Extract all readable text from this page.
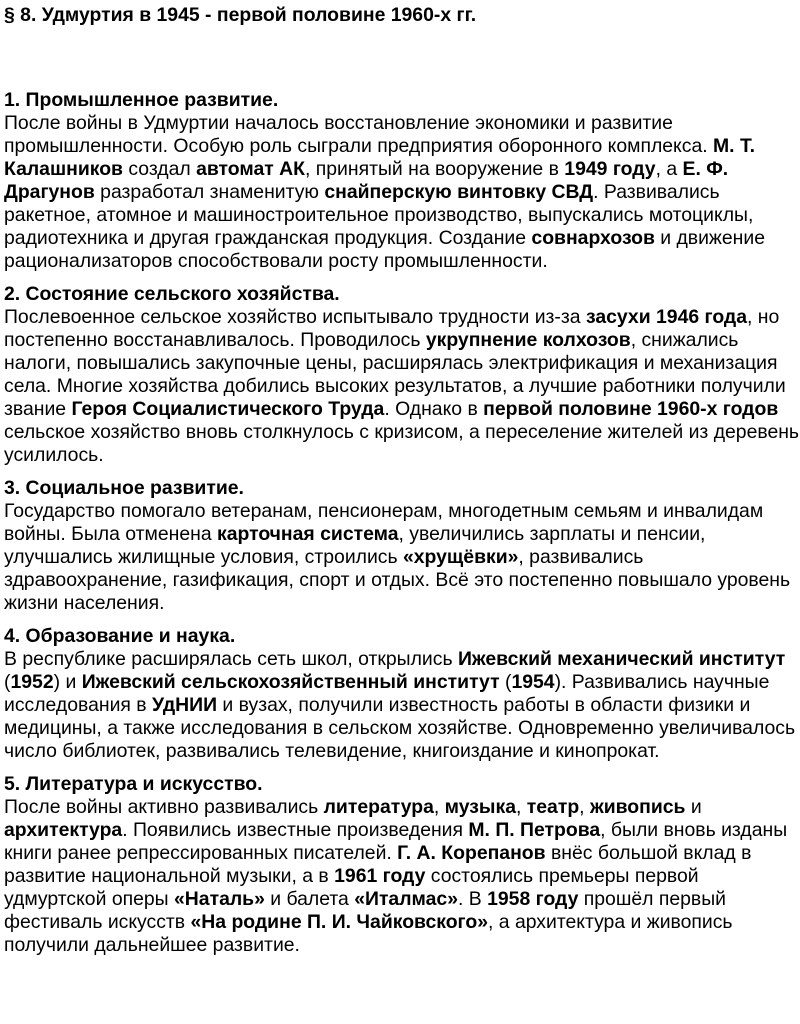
§ 8. Удмуртия в 1945 - первой половине 1960-х гг.
1. Промышленное развитие.

После войны в Удмуртии началось восстановление экономики и развитие промышленности. Особую роль сыграли предприятия оборонного комплекса. М. Т. Калашников создал автомат АК, принятый на вооружение в 1949 году, а Е. Ф. Драгунов разработал знаменитую снайперскую винтовку СВД. Развивались ракетное, атомное и машиностроительное производство, выпускались мотоциклы, радиотехника и другая гражданская продукция. Создание совнархозов и движение рационализаторов способствовали росту промышленности.

2. Состояние сельского хозяйства.

Послевоенное сельское хозяйство испытывало трудности из-за засухи 1946 года, но постепенно восстанавливалось. Проводилось укрупнение колхозов, снижались налоги, повышались закупочные цены, расширялась электрификация и механизация села. Многие хозяйства добились высоких результатов, а лучшие работники получили звание Героя Социалистического Труда. Однако в первой половине 1960-х годов сельское хозяйство вновь столкнулось с кризисом, а переселение жителей из деревень усилилось.

3. Социальное развитие.

Государство помогало ветеранам, пенсионерам, многодетным семьям и инвалидам войны. Была отменена карточная система, увеличились зарплаты и пенсии, улучшались жилищные условия, строились «хрущёвки», развивались здравоохранение, газификация, спорт и отдых. Всё это постепенно повышало уровень жизни населения.

4. Образование и наука.

В республике расширялась сеть школ, открылись Ижевский механический институт (1952) и Ижевский сельскохозяйственный институт (1954). Развивались научные исследования в УдНИИ и вузах, получили известность работы в области физики и медицины, а также исследования в сельском хозяйстве. Одновременно увеличивалось число библиотек, развивались телевидение, книгоиздание и кинопрокат.

5. Литература и искусство.

После войны активно развивались литература, музыка, театр, живопись и архитектура. Появились известные произведения М. П. Петрова, были вновь изданы книги ранее репрессированных писателей. Г. А. Корепанов внёс большой вклад в развитие национальной музыки, а в 1961 году состоялись премьеры первой удмуртской оперы «Наталь» и балета «Италмас». В 1958 году прошёл первый фестиваль искусств «На родине П. И. Чайковского», а архитектура и живопись получили дальнейшее развитие.
